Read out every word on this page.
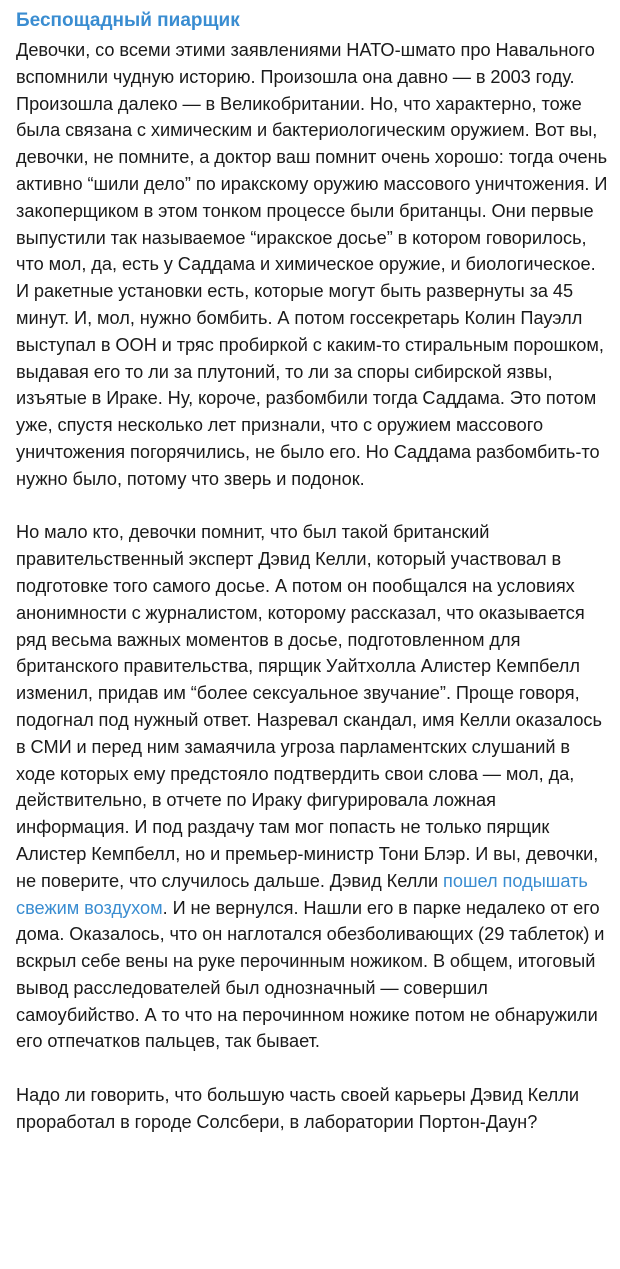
Беспощадный пиарщик

Девочки, со всеми этими заявлениями НАТО-шмато про Навального вспомнили чудную историю. Произошла она давно — в 2003 году. Произошла далеко — в Великобритании. Но, что характерно, тоже была связана с химическим и бактериологическим оружием. Вот вы, девочки, не помните, а доктор ваш помнит очень хорошо: тогда очень активно “шили дело” по иракскому оружию массового уничтожения. И закоперщиком в этом тонком процессе были британцы. Они первые выпустили так называемое “иракское досье” в котором говорилось, что мол, да, есть у Саддама и химическое оружие, и биологическое. И ракетные установки есть, которые могут быть развернуты за 45 минут. И, мол, нужно бомбить. А потом госсекретарь Колин Пауэлл выступал в ООН и тряс пробиркой с каким-то стиральным порошком, выдавая его то ли за плутоний, то ли за споры сибирской язвы, изъятые в Ираке. Ну, короче, разбомбили тогда Саддама. Это потом уже, спустя несколько лет признали, что с оружием массового уничтожения погорячились, не было его. Но Саддама разбомбить-то нужно было, потому что зверь и подонок.

Но мало кто, девочки помнит, что был такой британский правительственный эксперт Дэвид Келли, который участвовал в подготовке того самого досье. А потом он пообщался на условиях анонимности с журналистом, которому рассказал, что оказывается ряд весьма важных моментов в досье, подготовленном для британского правительства, пярщик Уайтхолла Алистер Кемпбелл изменил, придав им “более сексуальное звучание”. Проще говоря, подогнал под нужный ответ. Назревал скандал, имя Келли оказалось в СМИ и перед ним замаячила угроза парламентских слушаний в ходе которых ему предстояло подтвердить свои слова — мол, да, действительно, в отчете по Ираку фигурировала ложная информация. И под раздачу там мог попасть не только пярщик Алистер Кемпбелл, но и премьер-министр Тони Блэр. И вы, девочки, не поверите, что случилось дальше. Дэвид Келли пошел подышать свежим воздухом. И не вернулся. Нашли его в парке недалеко от его дома. Оказалось, что он наглотался обезболивающих (29 таблеток) и вскрыл себе вены на руке перочинным ножиком. В общем, итоговый вывод расследователей был однозначный — совершил самоубийство. А то что на перочинном ножике потом не обнаружили его отпечатков пальцев, так бывает.

Надо ли говорить, что большую часть своей карьеры Дэвид Келли проработал в городе Солсбери, в лаборатории Портон-Даун?
